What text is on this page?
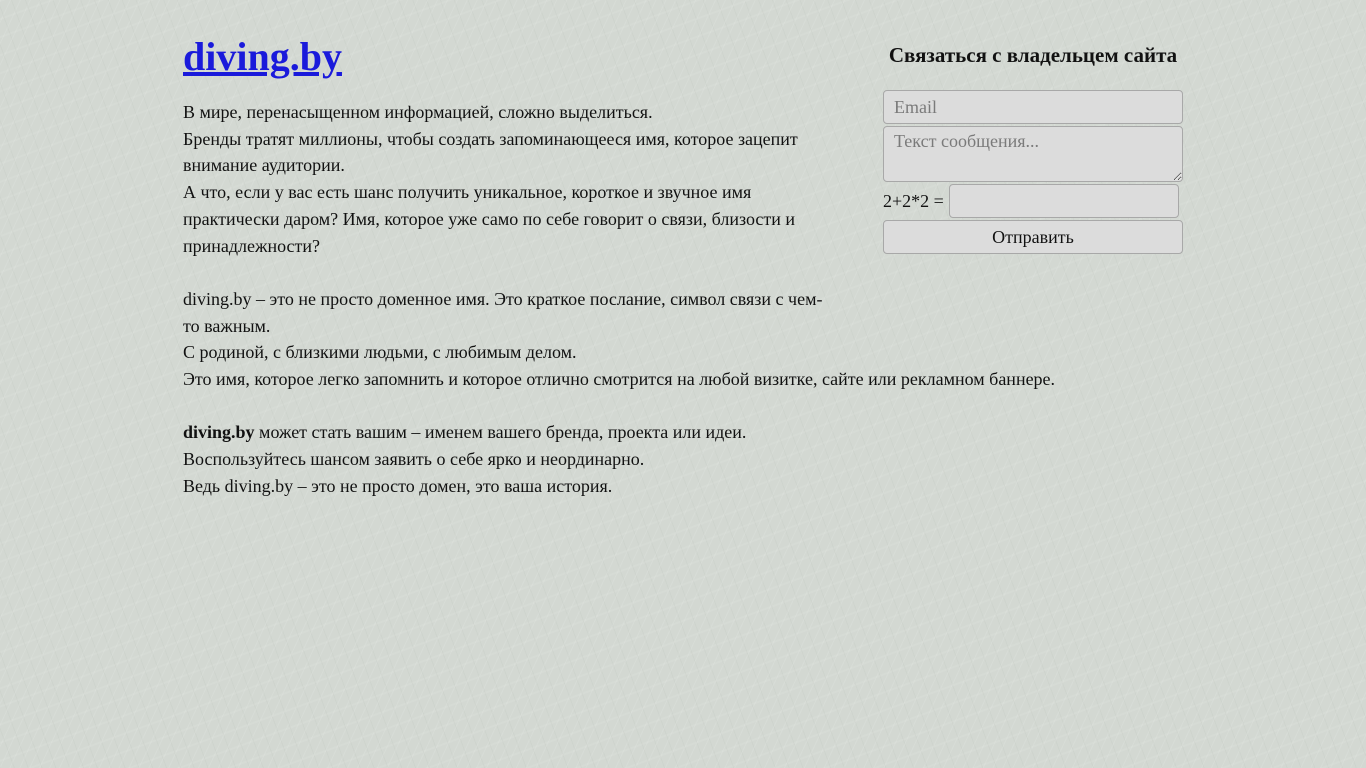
diving.by
В мире, перенасыщенном информацией, сложно выделиться.
Бренды тратят миллионы, чтобы создать запоминающееся имя, которое зацепит внимание аудитории.
А что, если у вас есть шанс получить уникальное, короткое и звучное имя практически даром? Имя, которое уже само по себе говорит о связи, близости и принадлежности?
diving.by – это не просто доменное имя. Это краткое послание, символ связи с чем-то важным.
С родиной, с близкими людьми, с любимым делом.
Это имя, которое легко запомнить и которое отлично смотрится на любой визитке, сайте или рекламном баннере.
diving.by может стать вашим – именем вашего бренда, проекта или идеи.
Воспользуйтесь шансом заявить о себе ярко и неординарно.
Ведь diving.by – это не просто домен, это ваша история.
Связаться с владельцем сайта
Email
Текст сообщения...
2+2*2 =
Отправить
